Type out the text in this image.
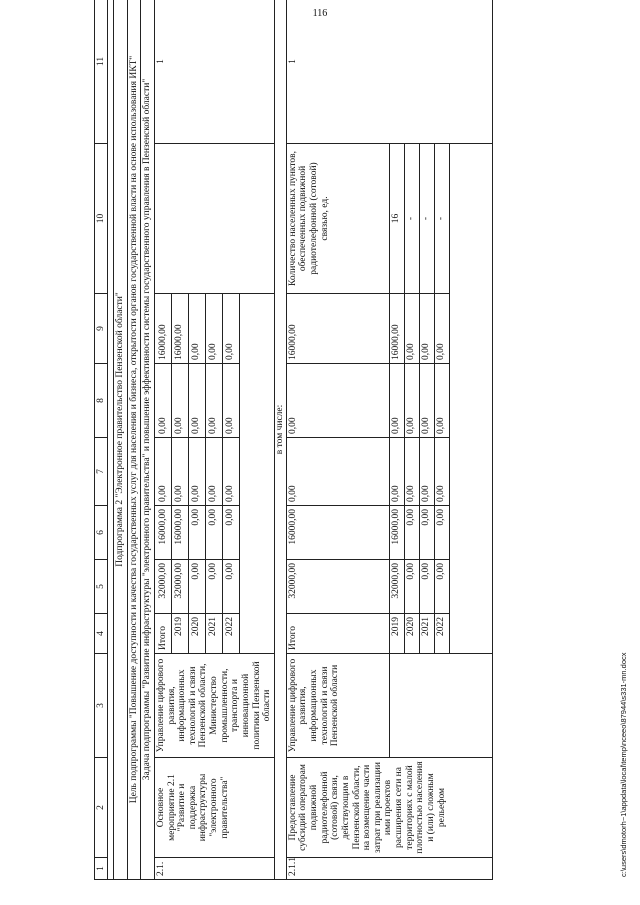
116
1	2	3	4	5	6	7	8	9	10	11

Подпрограмма 2 "Электронное правительство Пензенской области"										
Цель подпрограммы "Повышение доступности и качества государственных услуг для населения и бизнеса, открытости органов государственной власти на основе использования ИКТ"										
Задача подпрограммы "Развитие инфраструктуры "электронного правительства" и повышение эффективности системы государственного управления в Пензенской области"										
2.1.	Основное мероприятие 2.1 "Развитие и поддержка инфраструктуры "электронного правительства"	Управление цифрового развития, информационных технологий и связи Пензенской области, Министерство промышленности, транспорта и инновационной политики Пензенской области	Итого	32000,00	16000,00	0,00	0,00	16000,00		1
			2019	32000,00	16000,00	0,00	0,00	16000,00		
			2020	0,00	0,00	0,00	0,00	0,00		
			2021	0,00	0,00	0,00	0,00	0,00		
			2022	0,00	0,00	0,00	0,00	0,00		

в том числе:										
2.1.1	Предоставление субсидий операторам подвижной радиотелефонной (сотовой) связи, действующим в Пензенской области, на возмещение части затрат при реализации ими проектов расширения сети на территориях с малой плотностью населения и (или) сложным рельефом	Управление цифрового развития, информационных технологий и связи Пензенской области	Итого	32000,00	16000,00	0,00	0,00	16000,00	Количество населенных пунктов, обеспеченных подвижной радиотелефонной (сотовой) связью, ед.	1
			2019	32000,00	16000,00	0,00	0,00	16000,00	16	
			2020	0,00	0,00	0,00	0,00	0,00	-	
			2021	0,00	0,00	0,00	0,00	0,00	-	
			2022	0,00	0,00	0,00	0,00	0,00	-	

c:\users\dmotorh~1\appdata\local\temp\nceeo\87944\s331-mn.docx
